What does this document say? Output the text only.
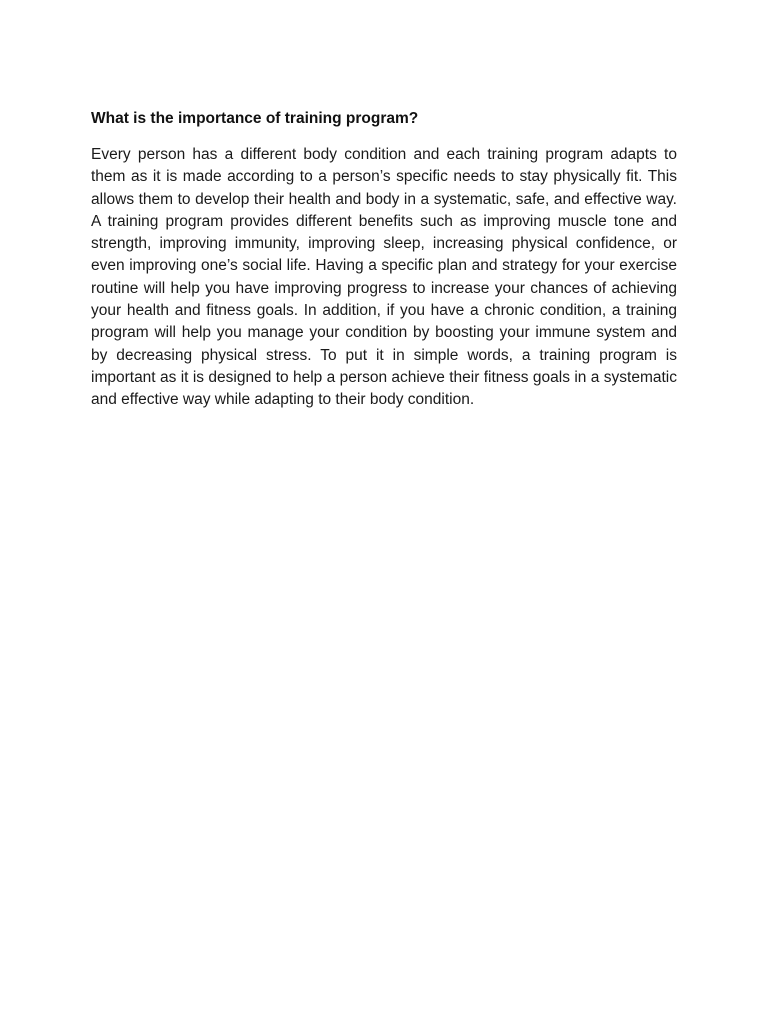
What is the importance of training program?

Every person has a different body condition and each training program adapts to them as it is made according to a person’s specific needs to stay physically fit. This allows them to develop their health and body in a systematic, safe, and effective way. A training program provides different benefits such as improving muscle tone and strength, improving immunity, improving sleep, increasing physical confidence, or even improving one’s social life. Having a specific plan and strategy for your exercise routine will help you have improving progress to increase your chances of achieving your health and fitness goals. In addition, if you have a chronic condition, a training program will help you manage your condition by boosting your immune system and by decreasing physical stress. To put it in simple words, a training program is important as it is designed to help a person achieve their fitness goals in a systematic and effective way while adapting to their body condition.
